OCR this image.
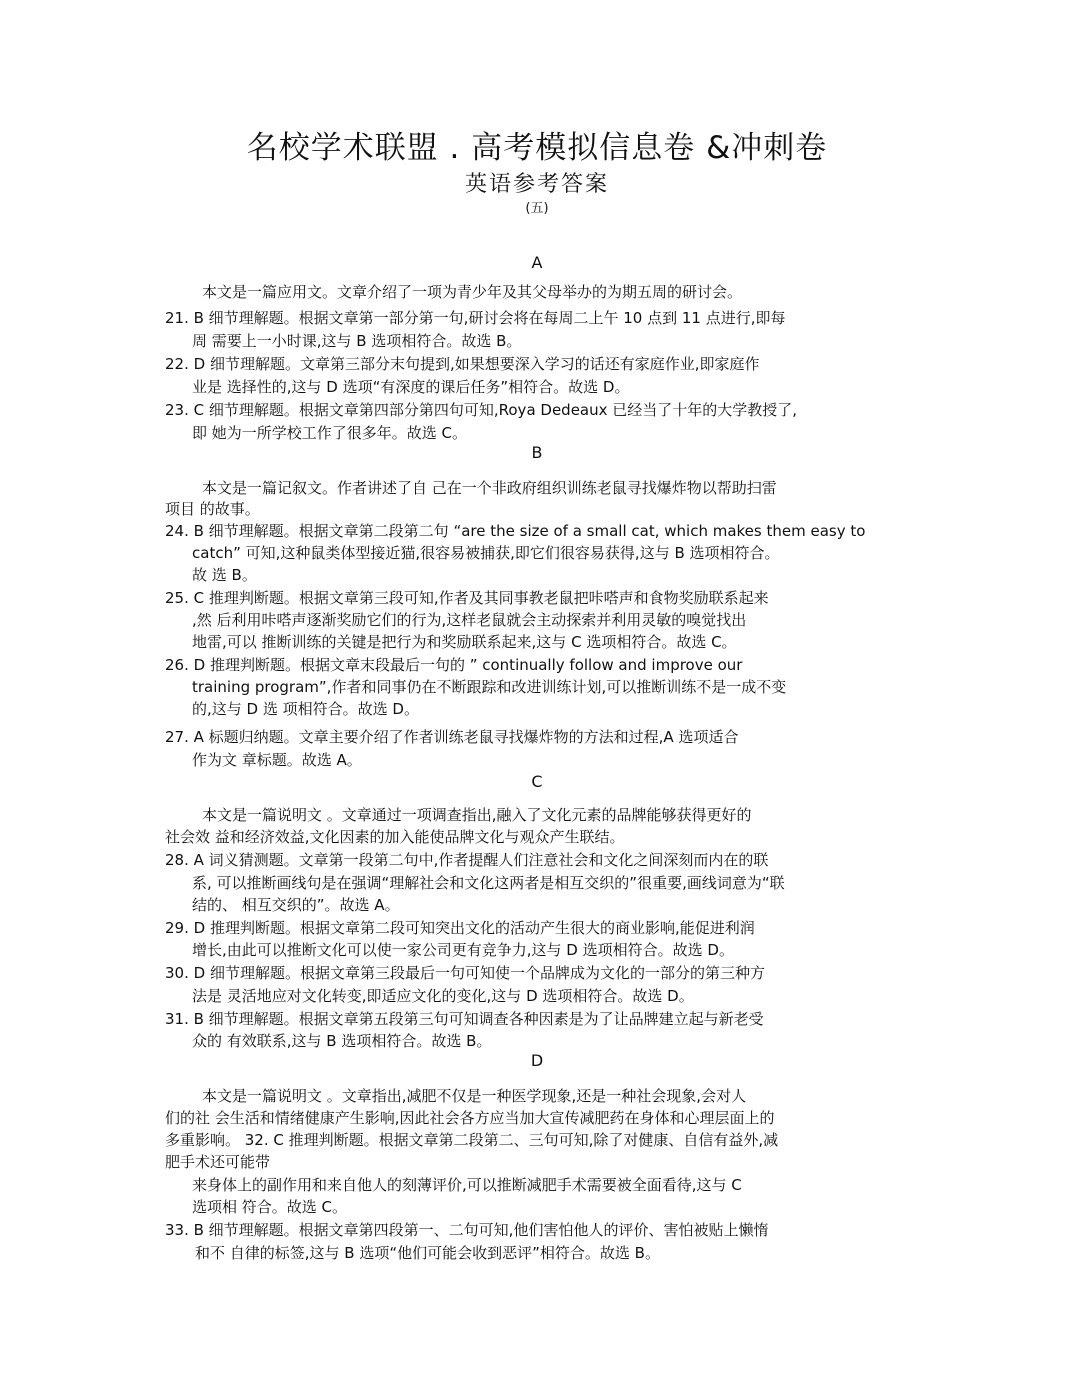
名校学术联盟 . 高考模拟信息卷 &冲刺卷
英语参考答案
(五)
A
本文是一篇应用文。文章介绍了一项为青少年及其父母举办的为期五周的研讨会。
21. B 细节理解题。根据文章第一部分第一句,研讨会将在每周二上午 10 点到 11 点进行,即每
周 需要上一小时课,这与 B 选项相符合。故选 B。
22. D 细节理解题。文章第三部分末句提到,如果想要深入学习的话还有家庭作业,即家庭作
业是 选择性的,这与 D 选项“有深度的课后任务”相符合。故选 D。
23. C 细节理解题。根据文章第四部分第四句可知,Roya Dedeaux 已经当了十年的大学教授了,
即 她为一所学校工作了很多年。故选 C。
B
本文是一篇记叙文。作者讲述了自 己在一个非政府组织训练老鼠寻找爆炸物以帮助扫雷
项目 的故事。
24. B 细节理解题。根据文章第二段第二句 “are the size of a small cat, which makes them easy to
catch” 可知,这种鼠类体型接近猫,很容易被捕获,即它们很容易获得,这与 B 选项相符合。
故 选 B。
25. C 推理判断题。根据文章第三段可知,作者及其同事教老鼠把咔嗒声和食物奖励联系起来
,然 后利用咔嗒声逐渐奖励它们的行为,这样老鼠就会主动探索并利用灵敏的嗅觉找出
地雷,可以 推断训练的关键是把行为和奖励联系起来,这与 C 选项相符合。故选 C。
26. D 推理判断题。根据文章末段最后一句的 ” continually follow and improve our
training program”,作者和同事仍在不断跟踪和改进训练计划,可以推断训练不是一成不变
的,这与 D 选 项相符合。故选 D。
27. A 标题归纳题。文章主要介绍了作者训练老鼠寻找爆炸物的方法和过程,A 选项适合
作为文 章标题。故选 A。
C
本文是一篇说明文 。文章通过一项调查指出,融入了文化元素的品牌能够获得更好的
社会效 益和经济效益,文化因素的加入能使品牌文化与观众产生联结。
28. A 词义猜测题。文章第一段第二句中,作者提醒人们注意社会和文化之间深刻而内在的联
系, 可以推断画线句是在强调“理解社会和文化这两者是相互交织的”很重要,画线词意为“联
结的、 相互交织的”。故选 A。
29. D 推理判断题。根据文章第二段可知突出文化的活动产生很大的商业影响,能促进利润
增长,由此可以推断文化可以使一家公司更有竞争力,这与 D 选项相符合。故选 D。
30. D 细节理解题。根据文章第三段最后一句可知使一个品牌成为文化的一部分的第三种方
法是 灵活地应对文化转变,即适应文化的变化,这与 D 选项相符合。故选 D。
31. B 细节理解题。根据文章第五段第三句可知调查各种因素是为了让品牌建立起与新老受
众的 有效联系,这与 B 选项相符合。故选 B。
D
本文是一篇说明文 。文章指出,减肥不仅是一种医学现象,还是一种社会现象,会对人
们的社 会生活和情绪健康产生影响,因此社会各方应当加大宣传减肥药在身体和心理层面上的
多重影响。 32. C 推理判断题。根据文章第二段第二、三句可知,除了对健康、自信有益外,减
肥手术还可能带
来身体上的副作用和来自他人的刻薄评价,可以推断减肥手术需要被全面看待,这与 C
选项相 符合。故选 C。
33. B 细节理解题。根据文章第四段第一、二句可知,他们害怕他人的评价、害怕被贴上懒惰
和不 自律的标签,这与 B 选项“他们可能会收到恶评”相符合。故选 B。
